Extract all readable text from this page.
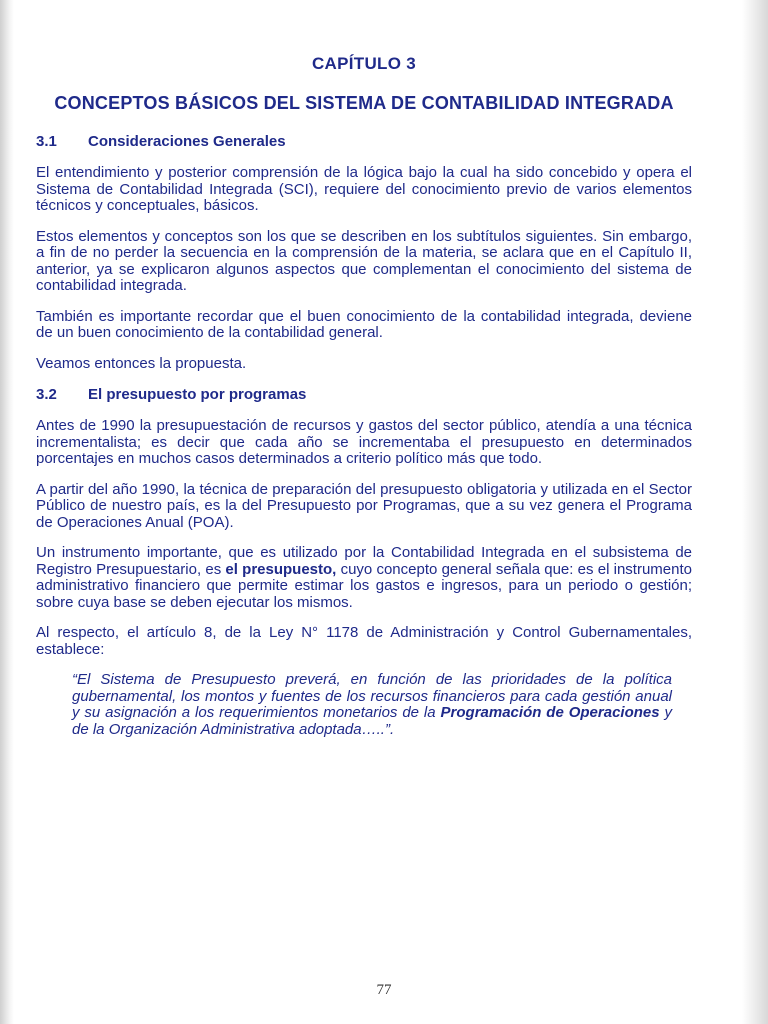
CAPÍTULO 3
CONCEPTOS BÁSICOS DEL SISTEMA DE CONTABILIDAD INTEGRADA
3.1	Consideraciones Generales

El entendimiento y posterior comprensión de la lógica bajo la cual ha sido concebido y opera el Sistema de Contabilidad Integrada (SCI), requiere del conocimiento previo de varios elementos técnicos y conceptuales, básicos.

Estos elementos y conceptos son los que se describen en los subtítulos siguientes. Sin embargo, a fin de no perder la secuencia en la comprensión de la materia, se aclara que en el Capítulo II, anterior, ya se explicaron algunos aspectos que complementan el conocimiento del sistema de contabilidad integrada.

También es importante recordar que el buen conocimiento de la contabilidad integrada, deviene de un buen conocimiento de la contabilidad general.

Veamos entonces la propuesta.

3.2	El presupuesto por programas

Antes de 1990 la presupuestación de recursos y gastos del sector público, atendía a una técnica incrementalista; es decir que cada año se incrementaba el presupuesto en determinados porcentajes en muchos casos determinados a criterio político más que todo.

A partir del año 1990, la técnica de preparación del presupuesto obligatoria y utilizada en el Sector Público de nuestro país, es la del Presupuesto por Programas, que a su vez genera el Programa de Operaciones Anual (POA).

Un instrumento importante, que es utilizado por la Contabilidad Integrada en el subsistema de Registro Presupuestario, es el presupuesto, cuyo concepto general señala que: es el instrumento administrativo financiero que permite estimar los gastos e ingresos, para un periodo o gestión; sobre cuya base se deben ejecutar los mismos.

Al respecto, el artículo 8, de la Ley N° 1178 de Administración y Control Gubernamentales, establece:

“El Sistema de Presupuesto preverá, en función de las prioridades de la política gubernamental, los montos y fuentes de los recursos financieros para cada gestión anual y su asignación a los requerimientos monetarios de la Programación de Operaciones y de la Organización Administrativa adoptada…..”.
77
